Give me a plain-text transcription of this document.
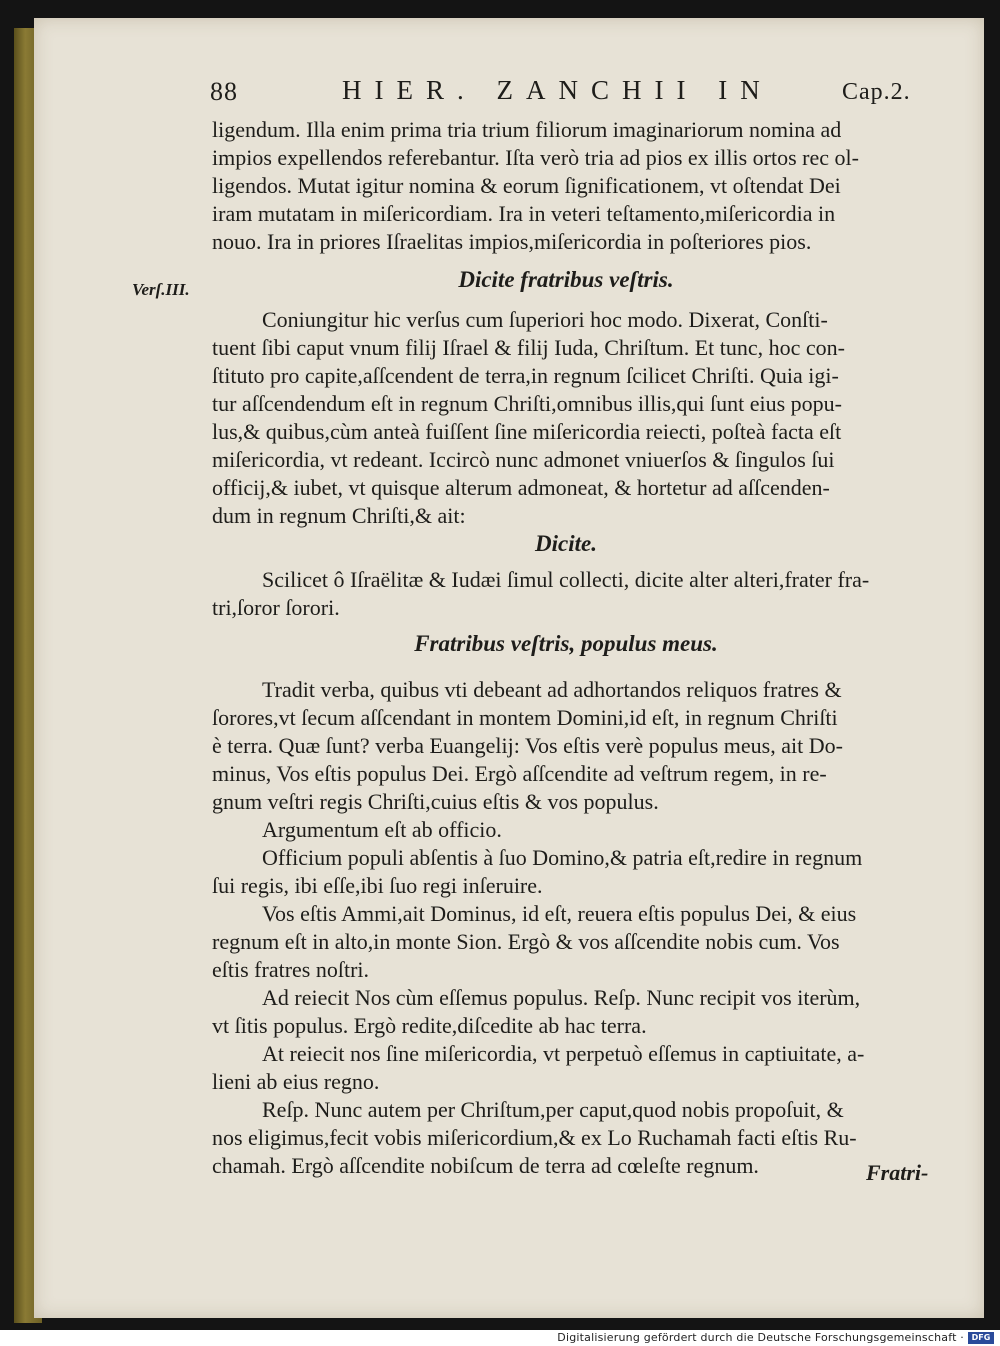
88	HIER. ZANCHII IN	Cap.2.
ligendum. Illa enim prima tria trium filiorum imaginariorum nomina ad
impios expellendos referebantur. Iſta verò tria ad pios ex illis ortos rec ol-
ligendos. Mutat igitur nomina & eorum ſignificationem, vt oſtendat Dei
iram mutatam in miſericordiam. Ira in veteri teſtamento,miſericordia in
nouo. Ira in priores Iſraelitas impios,miſericordia in poſteriores pios.
Verſ.III.	Dicite fratribus veſtris.
Coniungitur hic verſus cum ſuperiori hoc modo. Dixerat, Conſti-
tuent ſibi caput vnum filij Iſrael & filij Iuda, Chriſtum. Et tunc, hoc con-
ſtituto pro capite,aſſcendent de terra,in regnum ſcilicet Chriſti. Quia igi-
tur aſſcendendum eſt in regnum Chriſti,omnibus illis,qui ſunt eius popu-
lus,& quibus,cùm anteà fuiſſent ſine miſericordia reiecti, poſteà facta eſt
miſericordia, vt redeant. Iccircò nunc admonet vniuerſos & ſingulos ſui
officij,& iubet, vt quisque alterum admoneat, & hortetur ad aſſcenden-
dum in regnum Chriſti,& ait:
Dicite.
Scilicet ô Iſraëlitæ & Iudæi ſimul collecti, dicite alter alteri,frater fra-
tri,ſoror ſorori.
Fratribus veſtris, populus meus.
Tradit verba, quibus vti debeant ad adhortandos reliquos fratres &
ſorores,vt ſecum aſſcendant in montem Domini,id eſt, in regnum Chriſti
è terra. Quæ ſunt? verba Euangelij: Vos eſtis verè populus meus, ait Do-
minus, Vos eſtis populus Dei. Ergò aſſcendite ad veſtrum regem, in re-
gnum veſtri regis Chriſti,cuius eſtis & vos populus.
Argumentum eſt ab officio.
Officium populi abſentis à ſuo Domino,& patria eſt,redire in regnum
ſui regis, ibi eſſe,ibi ſuo regi inſeruire.
Vos eſtis Ammi,ait Dominus, id eſt, reuera eſtis populus Dei, & eius
regnum eſt in alto,in monte Sion. Ergò & vos aſſcendite nobis cum. Vos
eſtis fratres noſtri.
Ad reiecit Nos cùm eſſemus populus. Reſp. Nunc recipit vos iterùm,
vt ſitis populus. Ergò redite,diſcedite ab hac terra.
At reiecit nos ſine miſericordia, vt perpetuò eſſemus in captiuitate, a-
lieni ab eius regno.
Reſp. Nunc autem per Chriſtum,per caput,quod nobis propoſuit, &
nos eligimus,fecit vobis miſericordium,& ex Lo Ruchamah facti eſtis Ru-
chamah. Ergò aſſcendite nobiſcum de terra ad cœleſte regnum.	Fratri-
Digitalisierung gefördert durch die Deutsche Forschungsgemeinschaft · DFG
